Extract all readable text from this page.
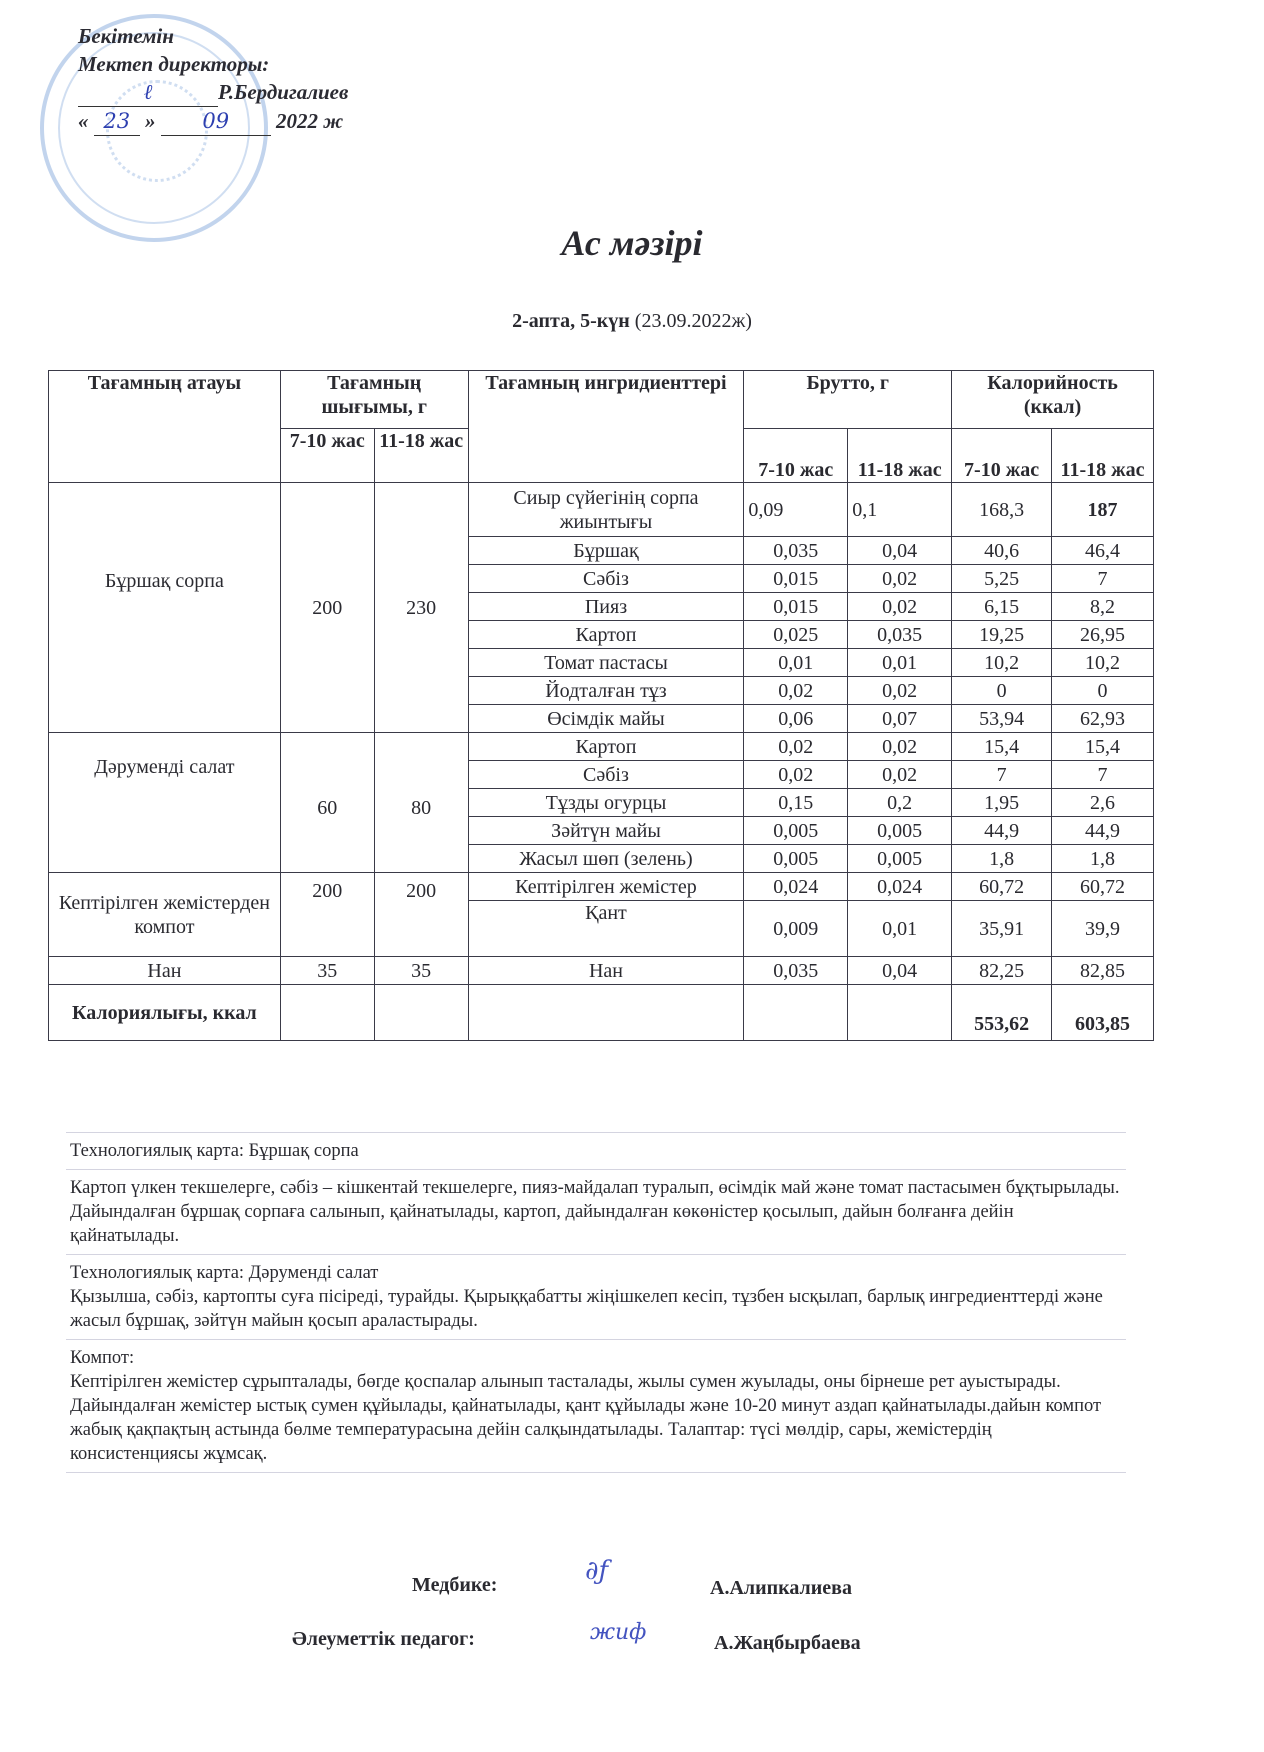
Бекітемін
Мектеп директоры:
ℓ	Р.Бердигалиев
« 23 » 09 2022 ж
Ас мәзірі
2-апта, 5-күн (23.09.2022ж)
Тағамның атауы	Тағамның шығымы, г		Тағамның ингридиенттері	Брутто, г		Калорийность (ккал)	
	7-10 жас	11-18 жас		7-10 жас	11-18 жас	7-10 жас	11-18 жас
Бұршақ сорпа	200	230	Сиыр сүйегінің сорпа жиынтығы	0,09	0,1	168,3	187
			Бұршақ	0,035	0,04	40,6	46,4
			Сәбіз	0,015	0,02	5,25	7
			Пияз	0,015	0,02	6,15	8,2
			Картоп	0,025	0,035	19,25	26,95
			Томат пастасы	0,01	0,01	10,2	10,2
			Йодталған тұз	0,02	0,02	0	0
			Өсімдік майы	0,06	0,07	53,94	62,93
Дәрумендi салат	60	80	Картоп	0,02	0,02	15,4	15,4
			Сәбіз	0,02	0,02	7	7
			Тұзды огурцы	0,15	0,2	1,95	2,6
			Зәйтүн майы	0,005	0,005	44,9	44,9
			Жасыл шөп (зелень)	0,005	0,005	1,8	1,8
Кептірілген жемістерден компот	200	200	Кептірілген жемістер	0,024	0,024	60,72	60,72
			Қант	0,009	0,01	35,91	39,9
Нан	35	35	Нан	0,035	0,04	82,25	82,85
Калориялығы, ккал						553,62	603,85
Технологиялық карта: Бұршақ сорпа
Картоп үлкен текшелерге, сәбіз – кішкентай текшелерге, пияз-майдалап туралып, өсімдік май және томат пастасымен бұқтырылады. Дайындалған бұршақ сорпаға салынып, қайнатылады, картоп, дайындалған көкөністер қосылып, дайын болғанға дейін қайнатылады.
Технологиялық карта: Дәрумендi салат
Қызылша, сәбіз, картопты суға пісіреді, турайды. Қырыққабатты жіңішкелеп кесіп, тұзбен ысқылап, барлық ингредиенттерді және жасыл бұршақ, зәйтүн майын қосып араластырады.
Компот:
Кептірілген жемістер сұрыпталады, бөгде қоспалар алынып тасталады, жылы сумен жуылады, оны бірнеше рет ауыстырады. Дайындалған жемістер ыстық сумен құйылады, қайнатылады, қант құйылады және 10-20 минут аздап қайнатылады.дайын компот жабық қақпақтың астында бөлме температурасына дейін салқындатылады. Талаптар: түсі мөлдір, сары, жемістердің консистенциясы жұмсақ.
Медбике:	∂ƒ
А.Алипкалиева
Әлеуметтік педагог:	жиф	А.Жаңбырбаева
